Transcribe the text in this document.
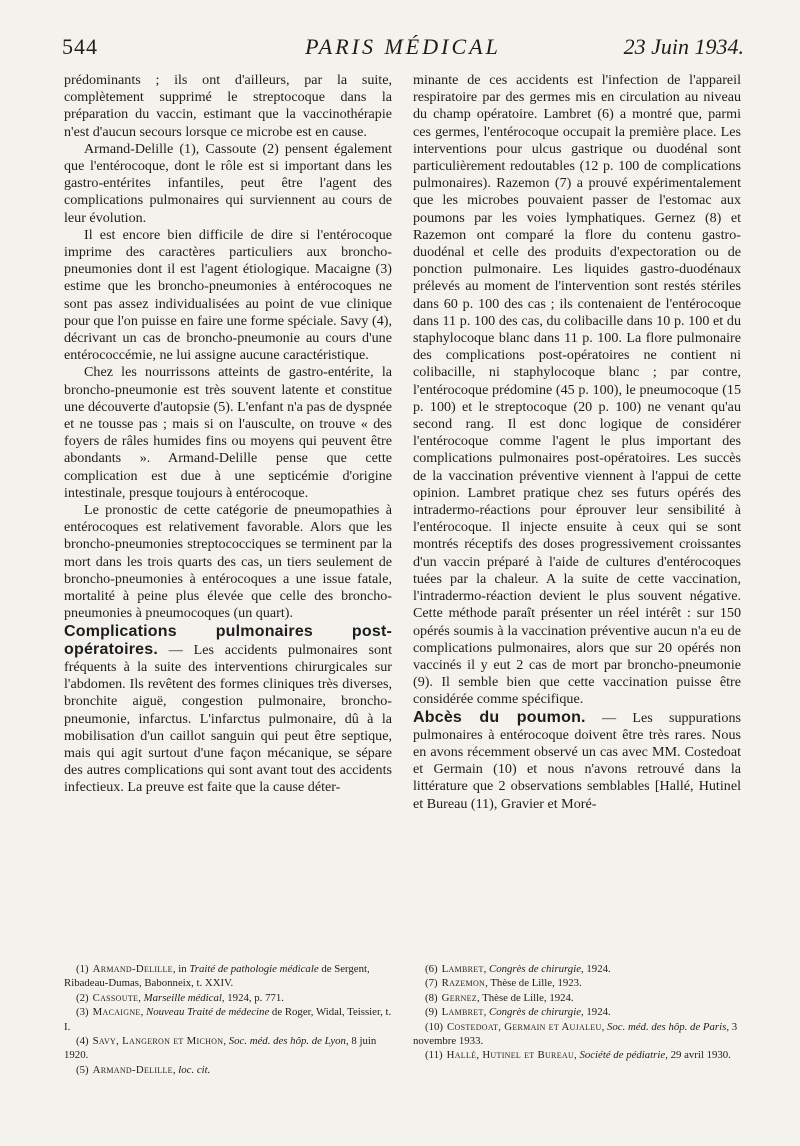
544	PARIS MÉDICAL	23 Juin 1934.

prédominants ; ils ont d'ailleurs, par la suite, complètement supprimé le streptocoque dans la préparation du vaccin, estimant que la vaccinothérapie n'est d'aucun secours lorsque ce microbe est en cause.

Armand-Delille (1), Cassoute (2) pensent également que l'entérocoque, dont le rôle est si important dans les gastro-entérites infantiles, peut être l'agent des complications pulmonaires qui surviennent au cours de leur évolution.

Il est encore bien difficile de dire si l'entérocoque imprime des caractères particuliers aux broncho-pneumonies dont il est l'agent étiologique. Macaigne (3) estime que les broncho-pneumonies à entérocoques ne sont pas assez individualisées au point de vue clinique pour que l'on puisse en faire une forme spéciale. Savy (4), décrivant un cas de broncho-pneumonie au cours d'une entérococcémie, ne lui assigne aucune caractéristique.

Chez les nourrissons atteints de gastro-entérite, la broncho-pneumonie est très souvent latente et constitue une découverte d'autopsie (5). L'enfant n'a pas de dyspnée et ne tousse pas ; mais si on l'ausculte, on trouve « des foyers de râles humides fins ou moyens qui peuvent être abondants ». Armand-Delille pense que cette complication est due à une septicémie d'origine intestinale, presque toujours à entérocoque.

Le pronostic de cette catégorie de pneumopathies à entérocoques est relativement favorable. Alors que les broncho-pneumonies streptococciques se terminent par la mort dans les trois quarts des cas, un tiers seulement de broncho-pneumonies à entérocoques a une issue fatale, mortalité à peine plus élevée que celle des broncho-pneumonies à pneumocoques (un quart).

Complications pulmonaires post-opératoires. — Les accidents pulmonaires sont fréquents à la suite des interventions chirurgicales sur l'abdomen. Ils revêtent des formes cliniques très diverses, bronchite aiguë, congestion pulmonaire, broncho-pneumonie, infarctus. L'infarctus pulmonaire, dû à la mobilisation d'un caillot sanguin qui peut être septique, mais qui agit surtout d'une façon mécanique, se sépare des autres complications qui sont avant tout des accidents infectieux. La preuve est faite que la cause déter-

minante de ces accidents est l'infection de l'appareil respiratoire par des germes mis en circulation au niveau du champ opératoire. Lambret (6) a montré que, parmi ces germes, l'entérocoque occupait la première place. Les interventions pour ulcus gastrique ou duodénal sont particulièrement redoutables (12 p. 100 de complications pulmonaires). Razemon (7) a prouvé expérimentalement que les microbes pouvaient passer de l'estomac aux poumons par les voies lymphatiques. Gernez (8) et Razemon ont comparé la flore du contenu gastro-duodénal et celle des produits d'expectoration ou de ponction pulmonaire. Les liquides gastro-duodénaux prélevés au moment de l'intervention sont restés stériles dans 60 p. 100 des cas ; ils contenaient de l'entérocoque dans 11 p. 100 des cas, du colibacille dans 10 p. 100 et du staphylocoque blanc dans 11 p. 100. La flore pulmonaire des complications post-opératoires ne contient ni colibacille, ni staphylocoque blanc ; par contre, l'entérocoque prédomine (45 p. 100), le pneumocoque (15 p. 100) et le streptocoque (20 p. 100) ne venant qu'au second rang. Il est donc logique de considérer l'entérocoque comme l'agent le plus important des complications pulmonaires post-opératoires. Les succès de la vaccination préventive viennent à l'appui de cette opinion. Lambret pratique chez ses futurs opérés des intradermo-réactions pour éprouver leur sensibilité à l'entérocoque. Il injecte ensuite à ceux qui se sont montrés réceptifs des doses progressivement croissantes d'un vaccin préparé à l'aide de cultures d'entérocoques tuées par la chaleur. A la suite de cette vaccination, l'intradermo-réaction devient le plus souvent négative. Cette méthode paraît présenter un réel intérêt : sur 150 opérés soumis à la vaccination préventive aucun n'a eu de complications pulmonaires, alors que sur 20 opérés non vaccinés il y eut 2 cas de mort par broncho-pneumonie (9). Il semble bien que cette vaccination puisse être considérée comme spécifique.

Abcès du poumon. — Les suppurations pulmonaires à entérocoque doivent être très rares. Nous en avons récemment observé un cas avec MM. Costedoat et Germain (10) et nous n'avons retrouvé dans la littérature que 2 observations semblables [Hallé, Hutinel et Bureau (11), Gravier et Moré-

(1) Armand-Delille, in Traité de pathologie médicale de Sergent, Ribadeau-Dumas, Babonneix, t. XXIV.

(2) Cassoute, Marseille médical, 1924, p. 771.

(3) Macaigne, Nouveau Traité de médecine de Roger, Widal, Teissier, t. I.

(4) Savy, Langeron et Michon, Soc. méd. des hôp. de Lyon, 8 juin 1920.

(5) Armand-Delille, loc. cit.

(6) Lambret, Congrès de chirurgie, 1924.

(7) Razemon, Thèse de Lille, 1923.

(8) Gernez, Thèse de Lille, 1924.

(9) Lambret, Congrès de chirurgie, 1924.

(10) Costedoat, Germain et Aujaleu, Soc. méd. des hôp. de Paris, 3 novembre 1933.

(11) Hallé, Hutinel et Bureau, Société de pédiatrie, 29 avril 1930.
